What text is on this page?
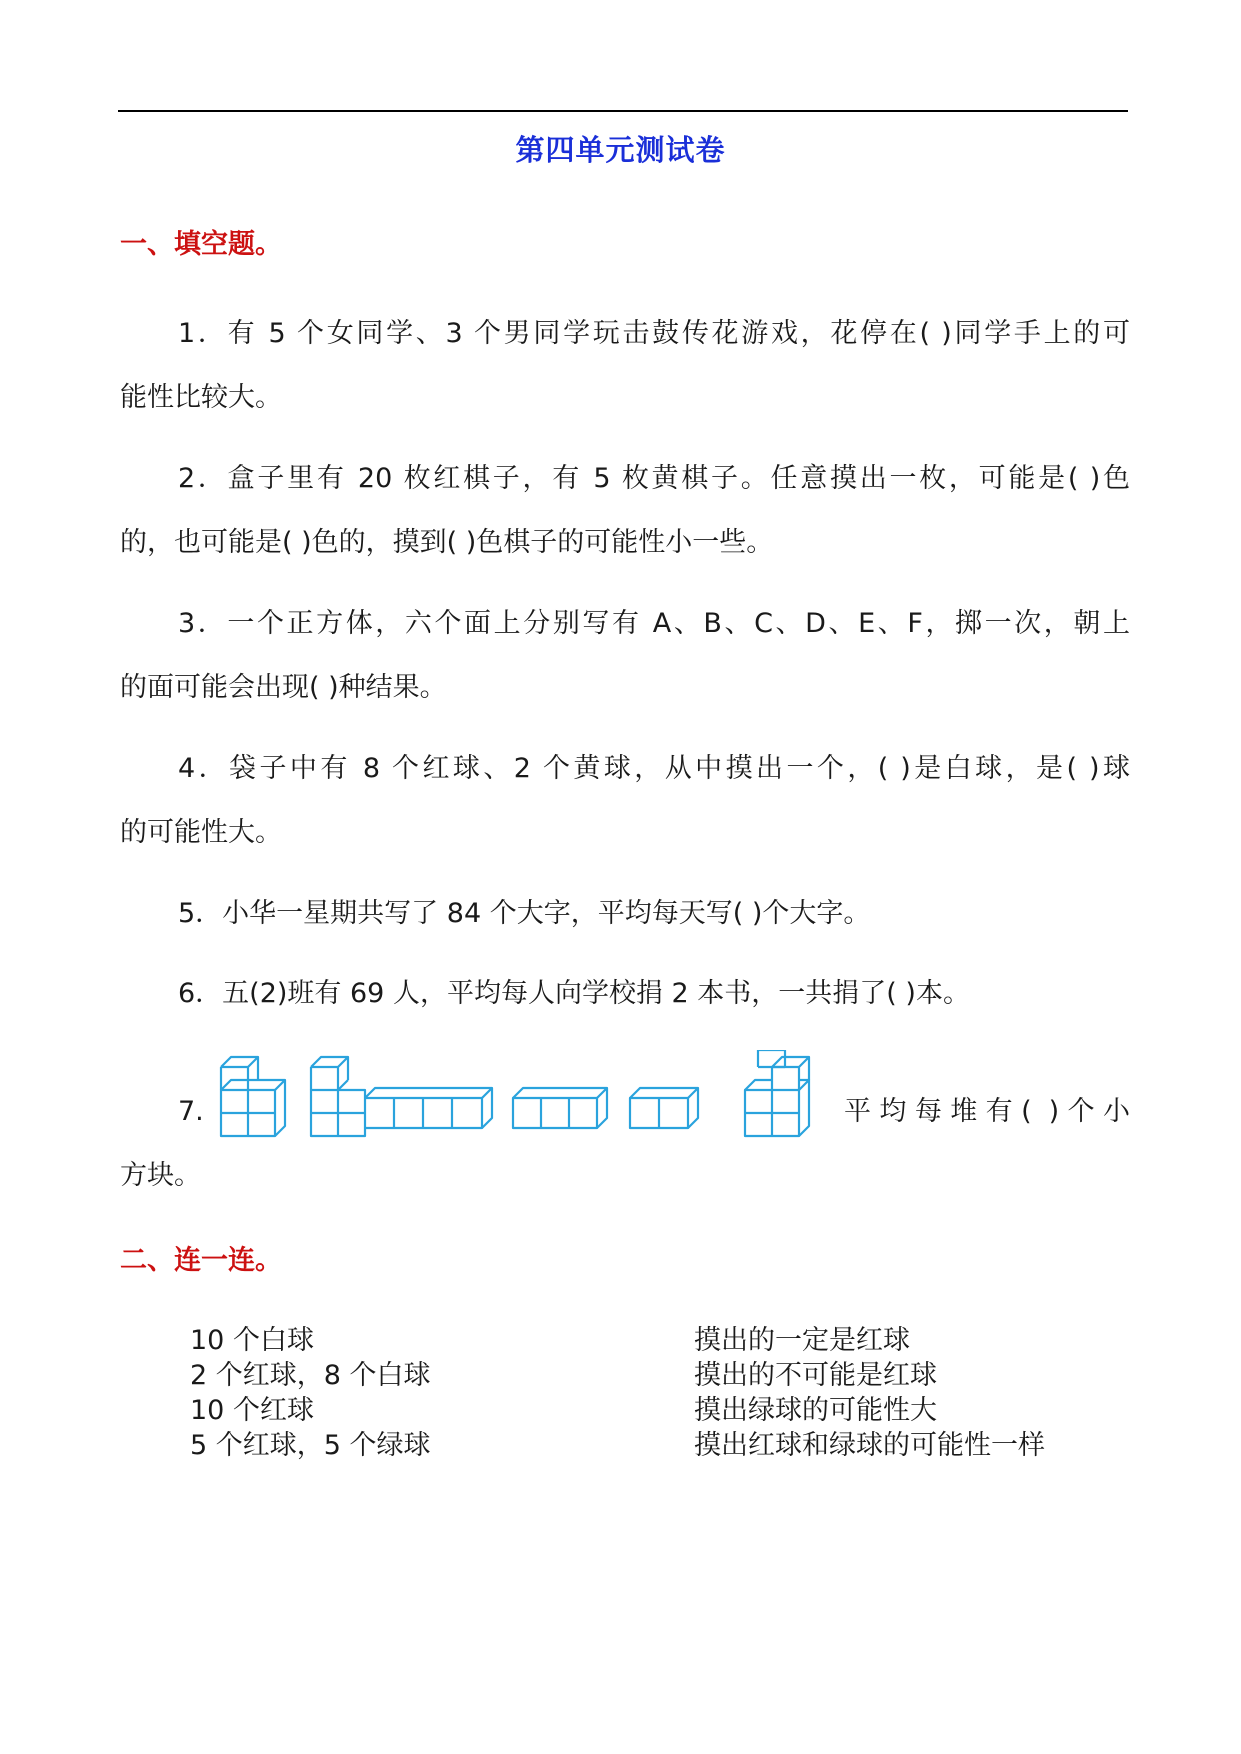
第四单元测试卷
一、填空题。
1．有 5 个女同学、3 个男同学玩击鼓传花游戏，花停在( )同学手上的可
能性比较大。
2．盒子里有 20 枚红棋子，有 5 枚黄棋子。任意摸出一枚，可能是( )色
的，也可能是( )色的，摸到( )色棋子的可能性小一些。
3．一个正方体，六个面上分别写有 A、B、C、D、E、F，掷一次，朝上
的面可能会出现( )种结果。
4．袋子中有 8 个红球、2 个黄球，从中摸出一个，( )是白球，是( )球
的可能性大。
5．小华一星期共写了 84 个大字，平均每天写( )个大字。
6．五(2)班有 69 人，平均每人向学校捐 2 本书，一共捐了( )本。
7.	平均每堆有( )个小
方块。
二、连一连。
10 个白球
2 个红球，8 个白球
10 个红球
5 个红球，5 个绿球
摸出的一定是红球
摸出的不可能是红球
摸出绿球的可能性大
摸出红球和绿球的可能性一样
